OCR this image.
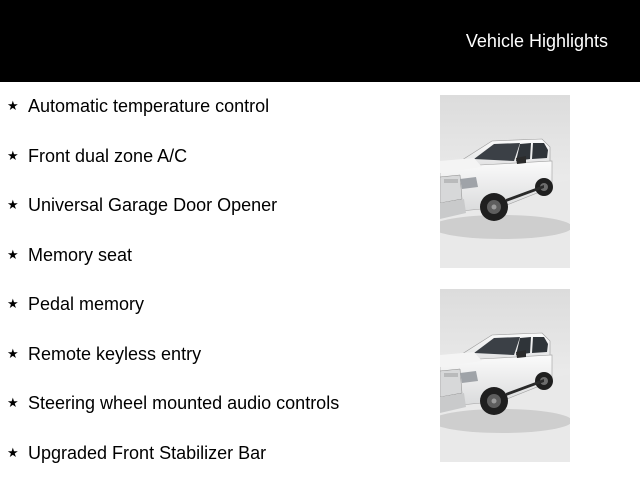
Vehicle Highlights
★ Automatic temperature control
★ Front dual zone A/C
★ Universal Garage Door Opener
★ Memory seat
★ Pedal memory
★ Remote keyless entry
★ Steering wheel mounted audio controls
★ Upgraded Front Stabilizer Bar
